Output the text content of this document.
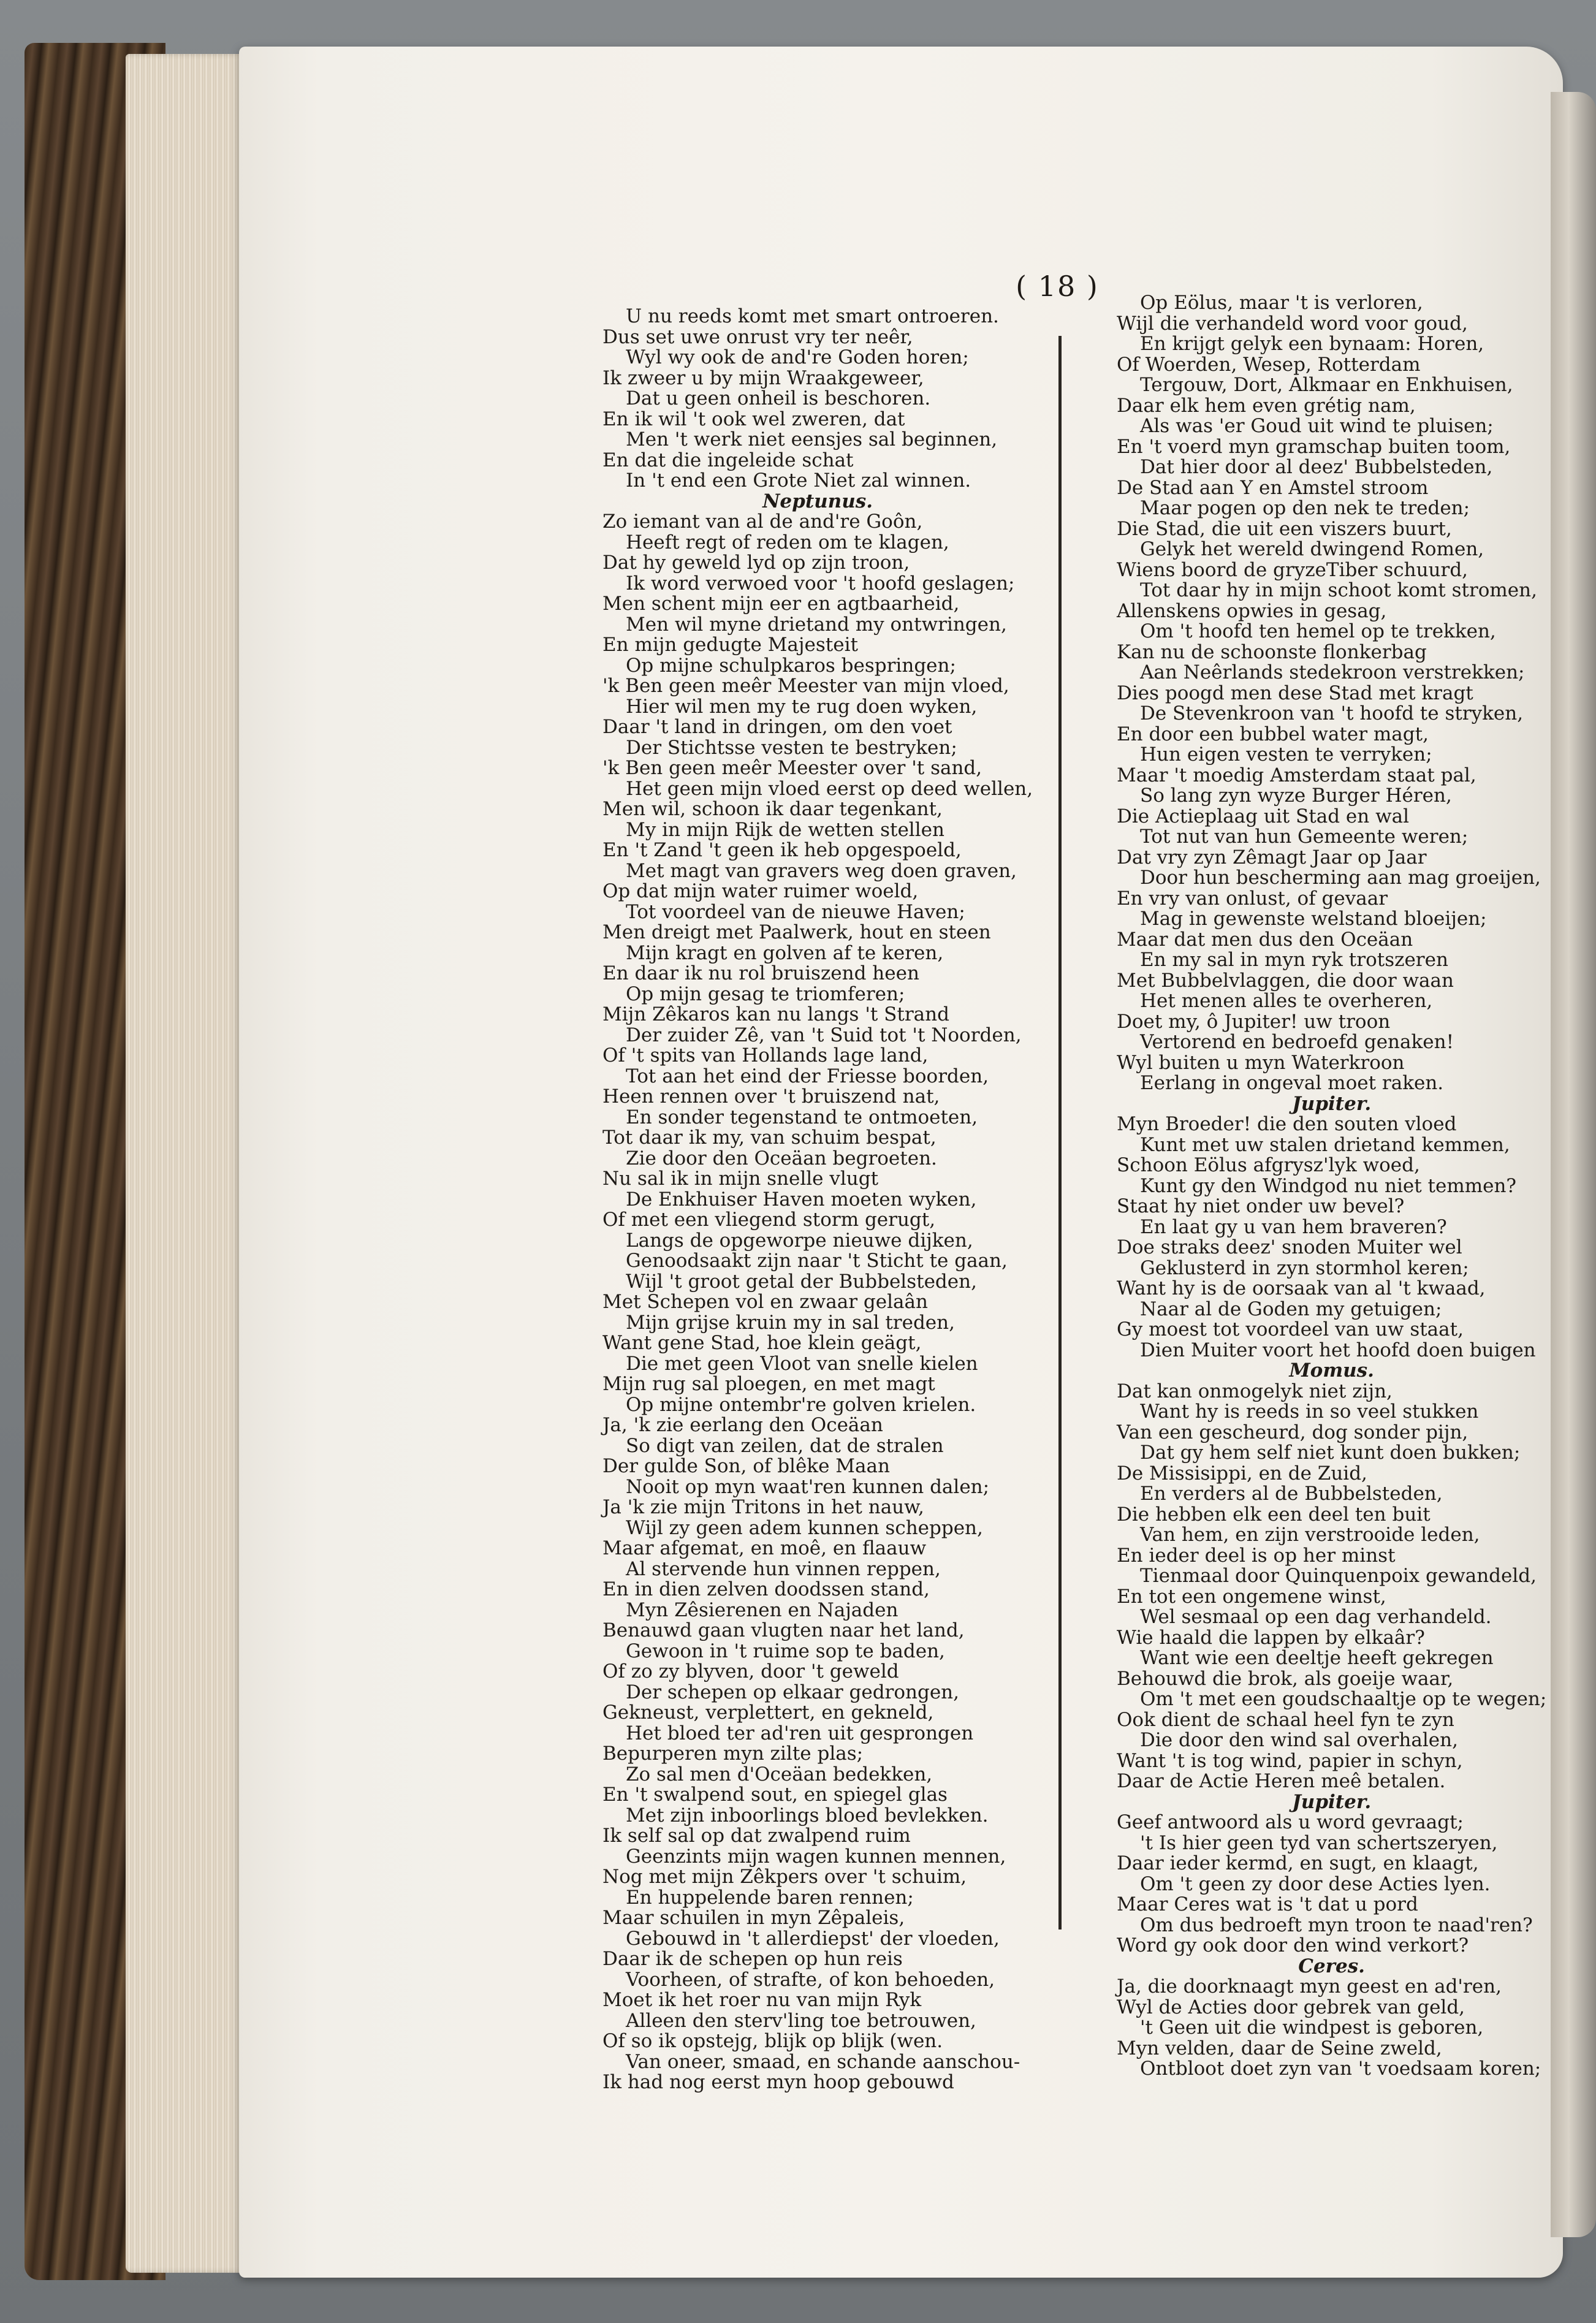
( 18 )
U nu reeds komt met smart ontroeren.
Dus set uwe onrust vry ter neêr,
Wyl wy ook de and're Goden horen;
Ik zweer u by mijn Wraakgeweer,
Dat u geen onheil is beschoren.
En ik wil 't ook wel zweren, dat
Men 't werk niet eensjes sal beginnen,
En dat die ingeleide schat
In 't end een Grote Niet zal winnen.
Neptunus.
Zo iemant van al de and're Goôn,
Heeft regt of reden om te klagen,
Dat hy geweld lyd op zijn troon,
Ik word verwoed voor 't hoofd geslagen;
Men schent mijn eer en agtbaarheid,
Men wil myne drietand my ontwringen,
En mijn gedugte Majesteit
Op mijne schulpkaros bespringen;
'k Ben geen meêr Meester van mijn vloed,
Hier wil men my te rug doen wyken,
Daar 't land in dringen, om den voet
Der Stichtsse vesten te bestryken;
'k Ben geen meêr Meester over 't sand,
Het geen mijn vloed eerst op deed wellen,
Men wil, schoon ik daar tegenkant,
My in mijn Rijk de wetten stellen
En 't Zand 't geen ik heb opgespoeld,
Met magt van gravers weg doen graven,
Op dat mijn water ruimer woeld,
Tot voordeel van de nieuwe Haven;
Men dreigt met Paalwerk, hout en steen
Mijn kragt en golven af te keren,
En daar ik nu rol bruiszend heen
Op mijn gesag te triomferen;
Mijn Zêkaros kan nu langs 't Strand
Der zuider Zê, van 't Suid tot 't Noorden,
Of 't spits van Hollands lage land,
Tot aan het eind der Friesse boorden,
Heen rennen over 't bruiszend nat,
En sonder tegenstand te ontmoeten,
Tot daar ik my, van schuim bespat,
Zie door den Oceäan begroeten.
Nu sal ik in mijn snelle vlugt
De Enkhuiser Haven moeten wyken,
Of met een vliegend storm gerugt,
Langs de opgeworpe nieuwe dijken,
Genoodsaakt zijn naar 't Sticht te gaan,
Wijl 't groot getal der Bubbelsteden,
Met Schepen vol en zwaar gelaân
Mijn grijse kruin my in sal treden,
Want gene Stad, hoe klein geägt,
Die met geen Vloot van snelle kielen
Mijn rug sal ploegen, en met magt
Op mijne ontembr're golven krielen.
Ja, 'k zie eerlang den Oceäan
So digt van zeilen, dat de stralen
Der gulde Son, of blêke Maan
Nooit op myn waat'ren kunnen dalen;
Ja 'k zie mijn Tritons in het nauw,
Wijl zy geen adem kunnen scheppen,
Maar afgemat, en moê, en flaauw
Al stervende hun vinnen reppen,
En in dien zelven doodssen stand,
Myn Zêsierenen en Najaden
Benauwd gaan vlugten naar het land,
Gewoon in 't ruime sop te baden,
Of zo zy blyven, door 't geweld
Der schepen op elkaar gedrongen,
Gekneust, verplettert, en gekneld,
Het bloed ter ad'ren uit gesprongen
Bepurperen myn zilte plas;
Zo sal men d'Oceäan bedekken,
En 't swalpend sout, en spiegel glas
Met zijn inboorlings bloed bevlekken.
Ik self sal op dat zwalpend ruim
Geenzints mijn wagen kunnen mennen,
Nog met mijn Zêkpers over 't schuim,
En huppelende baren rennen;
Maar schuilen in myn Zêpaleis,
Gebouwd in 't allerdiepst' der vloeden,
Daar ik de schepen op hun reis
Voorheen, of strafte, of kon behoeden,
Moet ik het roer nu van mijn Ryk
Alleen den sterv'ling toe betrouwen,
Of so ik opstejg, blijk op blijk (wen.
Van oneer, smaad, en schande aanschou-
Ik had nog eerst myn hoop gebouwd
Op Eölus, maar 't is verloren,
Wijl die verhandeld word voor goud,
En krijgt gelyk een bynaam: Horen,
Of Woerden, Wesep, Rotterdam
Tergouw, Dort, Alkmaar en Enkhuisen,
Daar elk hem even grétig nam,
Als was 'er Goud uit wind te pluisen;
En 't voerd myn gramschap buiten toom,
Dat hier door al deez' Bubbelsteden,
De Stad aan Y en Amstel stroom
Maar pogen op den nek te treden;
Die Stad, die uit een viszers buurt,
Gelyk het wereld dwingend Romen,
Wiens boord de gryzeTiber schuurd,
Tot daar hy in mijn schoot komt stromen,
Allenskens opwies in gesag,
Om 't hoofd ten hemel op te trekken,
Kan nu de schoonste flonkerbag
Aan Neêrlands stedekroon verstrekken;
Dies poogd men dese Stad met kragt
De Stevenkroon van 't hoofd te stryken,
En door een bubbel water magt,
Hun eigen vesten te verryken;
Maar 't moedig Amsterdam staat pal,
So lang zyn wyze Burger Héren,
Die Actieplaag uit Stad en wal
Tot nut van hun Gemeente weren;
Dat vry zyn Zêmagt Jaar op Jaar
Door hun bescherming aan mag groeijen,
En vry van onlust, of gevaar
Mag in gewenste welstand bloeijen;
Maar dat men dus den Oceäan
En my sal in myn ryk trotszeren
Met Bubbelvlaggen, die door waan
Het menen alles te overheren,
Doet my, ô Jupiter! uw troon
Vertorend en bedroefd genaken!
Wyl buiten u myn Waterkroon
Eerlang in ongeval moet raken.
Jupiter.
Myn Broeder! die den souten vloed
Kunt met uw stalen drietand kemmen,
Schoon Eölus afgrysz'lyk woed,
Kunt gy den Windgod nu niet temmen?
Staat hy niet onder uw bevel?
En laat gy u van hem braveren?
Doe straks deez' snoden Muiter wel
Geklusterd in zyn stormhol keren;
Want hy is de oorsaak van al 't kwaad,
Naar al de Goden my getuigen;
Gy moest tot voordeel van uw staat,
Dien Muiter voort het hoofd doen buigen
Momus.
Dat kan onmogelyk niet zijn,
Want hy is reeds in so veel stukken
Van een gescheurd, dog sonder pijn,
Dat gy hem self niet kunt doen bukken;
De Missisippi, en de Zuid,
En verders al de Bubbelsteden,
Die hebben elk een deel ten buit
Van hem, en zijn verstrooide leden,
En ieder deel is op her minst
Tienmaal door Quinquenpoix gewandeld,
En tot een ongemene winst,
Wel sesmaal op een dag verhandeld.
Wie haald die lappen by elkaâr?
Want wie een deeltje heeft gekregen
Behouwd die brok, als goeije waar,
Om 't met een goudschaaltje op te wegen;
Ook dient de schaal heel fyn te zyn
Die door den wind sal overhalen,
Want 't is tog wind, papier in schyn,
Daar de Actie Heren meê betalen.
Jupiter.
Geef antwoord als u word gevraagt;
't Is hier geen tyd van schertszeryen,
Daar ieder kermd, en sugt, en klaagt,
Om 't geen zy door dese Acties lyen.
Maar Ceres wat is 't dat u pord
Om dus bedroeft myn troon te naad'ren?
Word gy ook door den wind verkort?
Ceres.
Ja, die doorknaagt myn geest en ad'ren,
Wyl de Acties door gebrek van geld,
't Geen uit die windpest is geboren,
Myn velden, daar de Seine zweld,
Ontbloot doet zyn van 't voedsaam koren;
